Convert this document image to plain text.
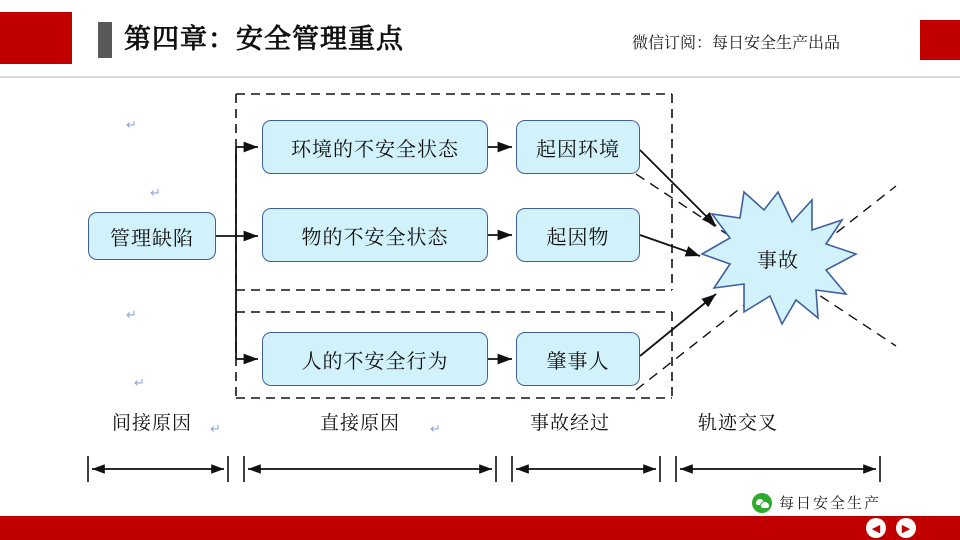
第四章：安全管理重点	微信订阅：每日安全生产出品
↵
↵
↵
↵
↵	↵
管理缺陷
环境的不安全状态
物的不安全状态
人的不安全行为
起因环境
起因物
肇事人
事故
间接原因	直接原因	事故经过	轨迹交叉
每日安全生产
◀	▶
